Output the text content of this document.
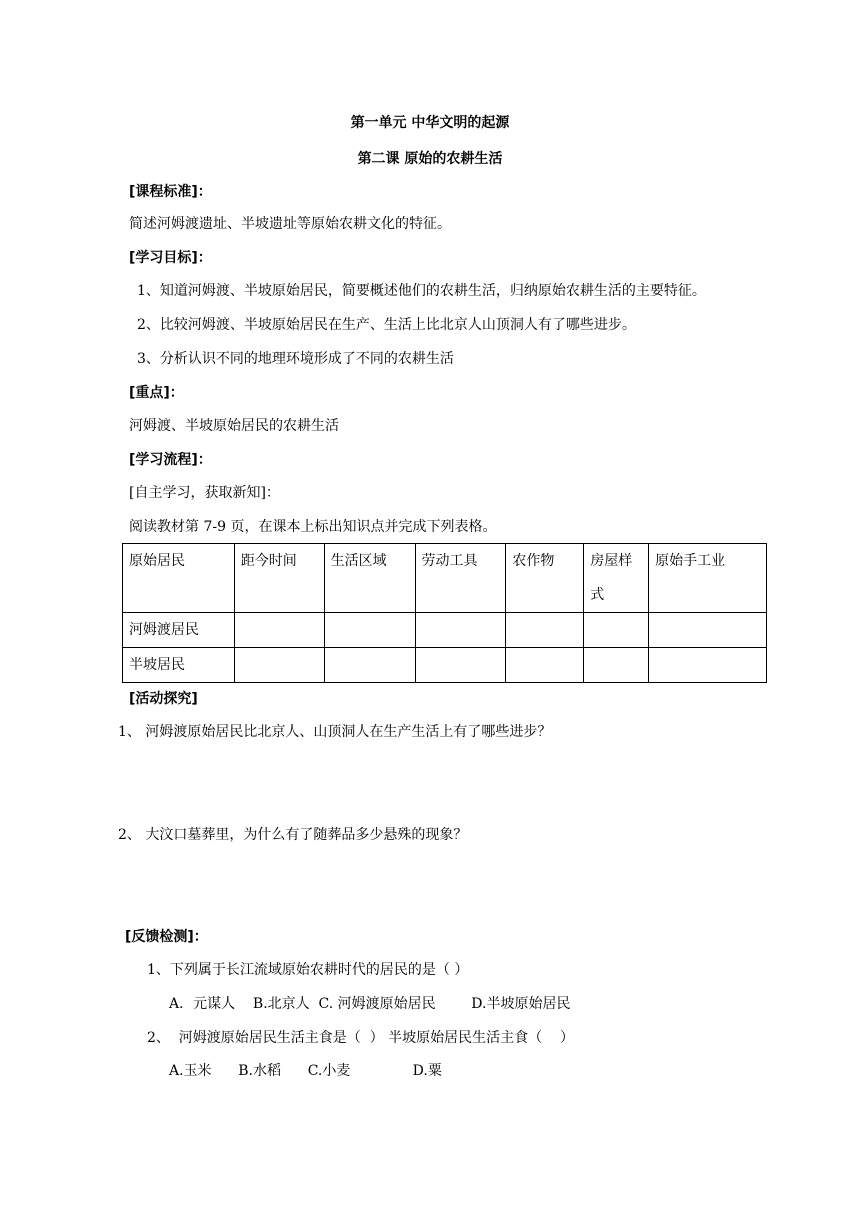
第一单元 中华文明的起源
第二课 原始的农耕生活
[课程标准]：
简述河姆渡遗址、半坡遗址等原始农耕文化的特征。
[学习目标]：
1、知道河姆渡、半坡原始居民，简要概述他们的农耕生活，归纳原始农耕生活的主要特征。
2、比较河姆渡、半坡原始居民在生产、生活上比北京人山顶洞人有了哪些进步。
3、分析认识不同的地理环境形成了不同的农耕生活
[重点]：
河姆渡、半坡原始居民的农耕生活
[学习流程]：
[自主学习，获取新知]：
阅读教材第 7-9 页，在课本上标出知识点并完成下列表格。
原始居民	距今时间	生活区域	劳动工具	农作物	房屋样式	原始手工业
河姆渡居民						
半坡居民						
[活动探究]
1、 河姆渡原始居民比北京人、山顶洞人在生产生活上有了哪些进步？
2、 大汶口墓葬里，为什么有了随葬品多少悬殊的现象？
[反馈检测]：
1、下列属于长江流域原始农耕时代的居民的是（ ）
A．元谋人    B.北京人  C. 河姆渡原始居民        D.半坡原始居民
2、  河姆渡原始居民生活主食是（  ） 半坡原始居民生活主食（    ）
A.玉米      B.水稻      C.小麦              D.粟
